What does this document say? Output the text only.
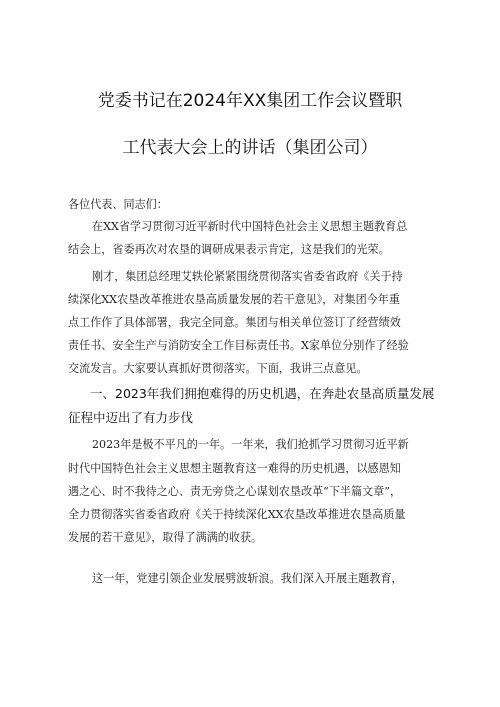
党委书记在2024年XX集团工作会议暨职
工代表大会上的讲话（集团公司）
各位代表、同志们：
在XX省学习贯彻习近平新时代中国特色社会主义思想主题教育总
结会上，省委再次对农垦的调研成果表示肯定，这是我们的光荣。
刚才，集团总经理艾轶伦紧紧围绕贯彻落实省委省政府《关于持
续深化XX农垦改革推进农垦高质量发展的若干意见》，对集团今年重
点工作作了具体部署，我完全同意。集团与相关单位签订了经营绩效
责任书、安全生产与消防安全工作目标责任书。X家单位分别作了经验
交流发言。大家要认真抓好贯彻落实。下面，我讲三点意见。
一、2023年我们拥抱难得的历史机遇，在奔赴农垦高质量发展
征程中迈出了有力步伐
2023年是极不平凡的一年。一年来，我们抢抓学习贯彻习近平新
时代中国特色社会主义思想主题教育这一难得的历史机遇，以感恩知
遇之心、时不我待之心、责无旁贷之心谋划农垦改革“下半篇文章”，
全力贯彻落实省委省政府《关于持续深化XX农垦改革推进农垦高质量
发展的若干意见》，取得了满满的收获。
这一年，党建引领企业发展劈波斩浪。我们深入开展主题教育，
